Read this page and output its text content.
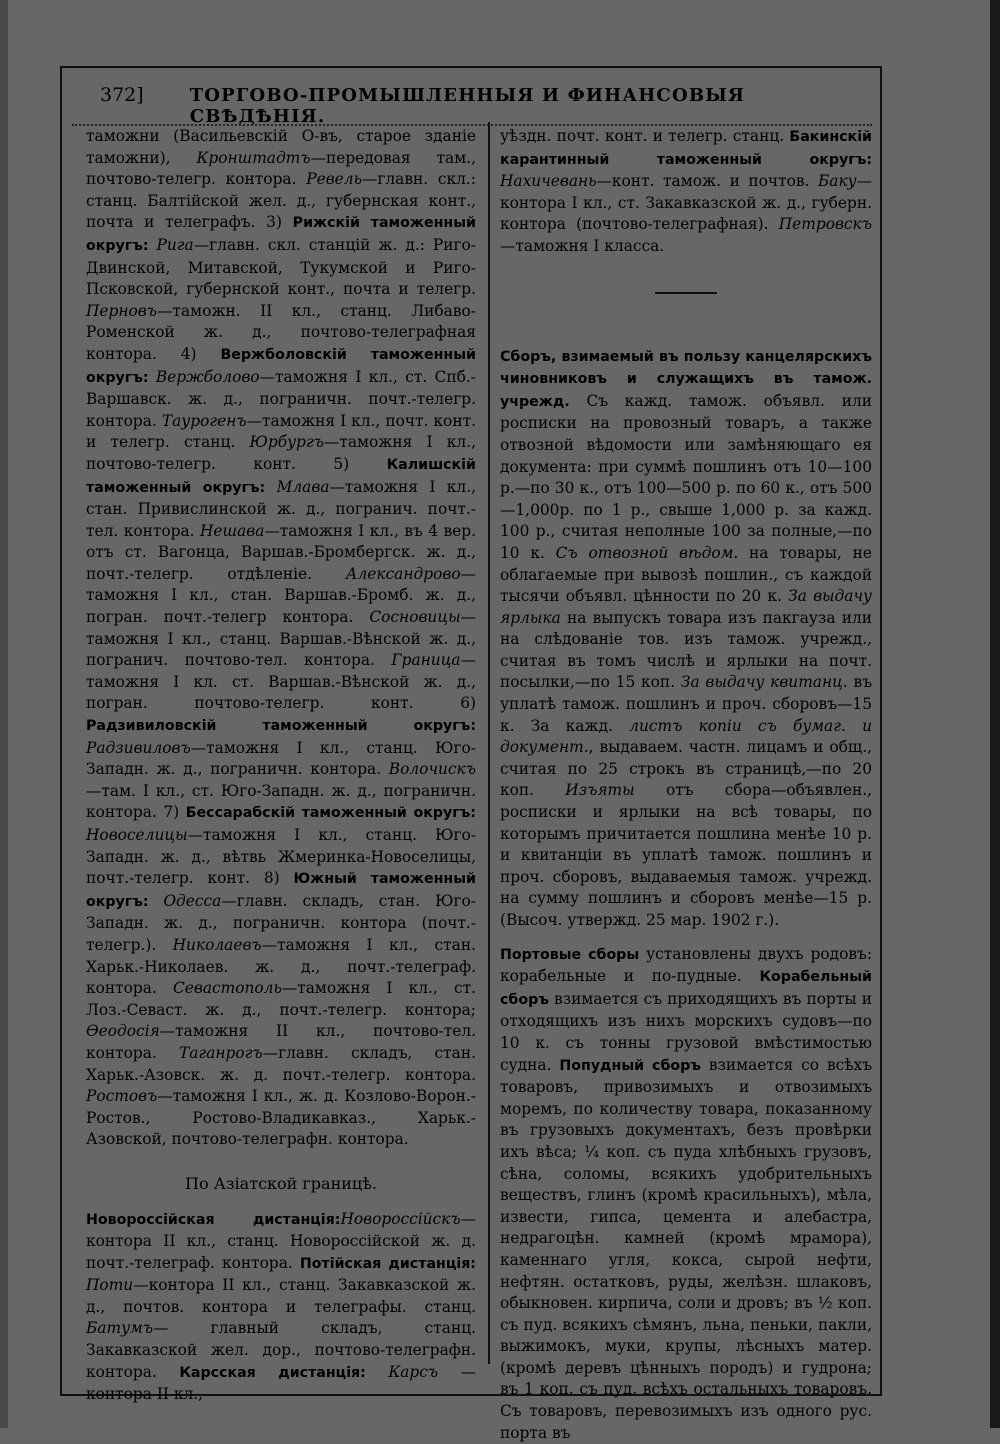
372]	ТОРГОВО-ПРОМЫШЛЕННЫЯ И ФИНАНСОВЫЯ СВѢДѢНІЯ.

таможни (Васильевскій О-въ, старое зданіе таможни), Кронштадтъ—передовая там., почтово-телегр. контора. Ревель—главн. скл.: станц. Балтійской жел. д., губернская конт., почта и телеграфъ. 3) Рижскій таможенный округъ: Рига—главн. скл. станцій ж. д.: Риго-Двинской, Митавской, Тукумской и Риго-Псковской, губернской конт., почта и телегр. Перновъ—таможн. II кл., станц. Либаво-Роменской ж. д., почтово-телеграфная контора. 4) Вержболовскій таможенный округъ: Вержболово—таможня I кл., ст. Спб.-Варшавск. ж. д., пограничн. почт.-телегр. контора. Таурогенъ—таможня I кл., почт. конт. и телегр. станц. Юрбургъ—таможня I кл., почтово-телегр. конт. 5) Калишскій таможенный округъ: Млава—таможня I кл., стан. Привислинской ж. д., погранич. почт.-тел. контора. Нешава—таможня I кл., въ 4 вер. отъ ст. Вагонца, Варшав.-Бромбергск. ж. д., почт.-телегр. отдѣленіе. Александрово—таможня I кл., стан. Варшав.-Бромб. ж. д., погран. почт.-телегр контора. Сосновицы—таможня I кл., станц. Варшав.-Вѣнской ж. д., погранич. почтово-тел. контора. Граница—таможня I кл. ст. Варшав.-Вѣнской ж. д., погран. почтово-телегр. конт. 6) Радзивиловскій таможенный округъ: Радзивиловъ—таможня I кл., станц. Юго-Западн. ж. д., пограничн. контора. Волочискъ—там. I кл., ст. Юго-Западн. ж. д., пограничн. контора. 7) Бессарабскій таможенный округъ: Новоселицы—таможня I кл., станц. Юго-Западн. ж. д., вѣтвь Жмеринка-Новоселицы, почт.-телегр. конт. 8) Южный таможенный округъ: Одесса—главн. складъ, стан. Юго-Западн. ж. д., пограничн. контора (почт.-телегр.). Николаевъ—таможня I кл., стан. Харьк.-Николаев. ж. д., почт.-телеграф. контора. Севастополь—таможня I кл., ст. Лоз.-Севаст. ж. д., почт.-телегр. контора; Ѳеодосія—таможня II кл., почтово-тел. контора. Таганрогъ—главн. складъ, стан. Харьк.-Азовск. ж. д. почт.-телегр. контора. Ростовъ—таможня I кл., ж. д. Козлово-Ворон.-Ростов., Ростово-Владикавказ., Харьк.-Азовской, почтово-телеграфн. контора.

По Азіатской границѣ.

Новороссійская дистанція:Новороссійскъ—контора II кл., станц. Новороссійской ж. д. почт.-телеграф. контора. Потійская дистанція: Поти—контора II кл., станц. Закавказской ж. д., почтов. контора и телеграфы. станц. Батумъ— главный складъ, станц. Закавказской жел. дор., почтово-телеграфн. контора. Карсская дистанція: Карсъ — контора II кл.,

уѣздн. почт. конт. и телегр. станц. Бакинскій карантинный таможенный округъ: Нахичевань—конт. тамож. и почтов. Баку—контора I кл., ст. Закавказской ж. д., губерн. контора (почтово-телеграфная). Петровскъ—таможня I класса.

Сборъ, взимаемый въ пользу канцелярскихъ чиновниковъ и служащихъ въ тамож. учрежд. Съ кажд. тамож. объявл. или росписки на провозный товаръ, а также отвозной вѣдомости или замѣняющаго ея документа: при суммѣ пошлинъ отъ 10—100 р.—по 30 к., отъ 100—500 р. по 60 к., отъ 500—1,000р. по 1 р., свыше 1,000 р. за кажд. 100 р., считая неполные 100 за полные,—по 10 к. Съ отвозной вѣдом. на товары, не облагаемые при вывозѣ пошлин., съ каждой тысячи объявл. цѣнности по 20 к. За выдачу ярлыка на выпускъ товара изъ пакгауза или на слѣдованіе тов. изъ тамож. учрежд., считая въ томъ числѣ и ярлыки на почт. посылки,—по 15 коп. За выдачу квитанц. въ уплатѣ тамож. пошлинъ и проч. сборовъ—15 к. За кажд. листъ копіи съ бумаг. и документ., выдаваем. частн. лицамъ и общ., считая по 25 строкъ въ страницѣ,—по 20 коп. Изъяты отъ сбора—объявлен., росписки и ярлыки на всѣ товары, по которымъ причитается пошлина менѣе 10 р. и квитанціи въ уплатѣ тамож. пошлинъ и проч. сборовъ, выдаваемыя тамож. учрежд. на сумму пошлинъ и сборовъ менѣе—15 р. (Высоч. утвержд. 25 мар. 1902 г.).

Портовые сборы установлены двухъ родовъ: корабельные и по-пудные. Корабельный сборъ взимается съ приходящихъ въ порты и отходящихъ изъ нихъ морскихъ судовъ—по 10 к. съ тонны грузовой вмѣстимостью судна. Попудный сборъ взимается со всѣхъ товаровъ, привозимыхъ и отвозимыхъ моремъ, по количеству товара, показанному въ грузовыхъ документахъ, безъ провѣрки ихъ вѣса; ¼ коп. съ пуда хлѣбныхъ грузовъ, сѣна, соломы, всякихъ удобрительныхъ веществъ, глинъ (кромѣ красильныхъ), мѣла, извести, гипса, цемента и алебастра, недрагоцѣн. камней (кромѣ мрамора), каменнаго угля, кокса, сырой нефти, нефтян. остатковъ, руды, желѣзн. шлаковъ, обыкновен. кирпича, соли и дровъ; въ ½ коп. съ пуд. всякихъ сѣмянъ, льна, пеньки, пакли, выжимокъ, муки, крупы, лѣсныхъ матер. (кромѣ деревъ цѣнныхъ породъ) и гудрона; въ 1 коп. съ пуд. всѣхъ остальныхъ товаровъ. Съ товаровъ, перевозимыхъ изъ одного рус. порта въ
